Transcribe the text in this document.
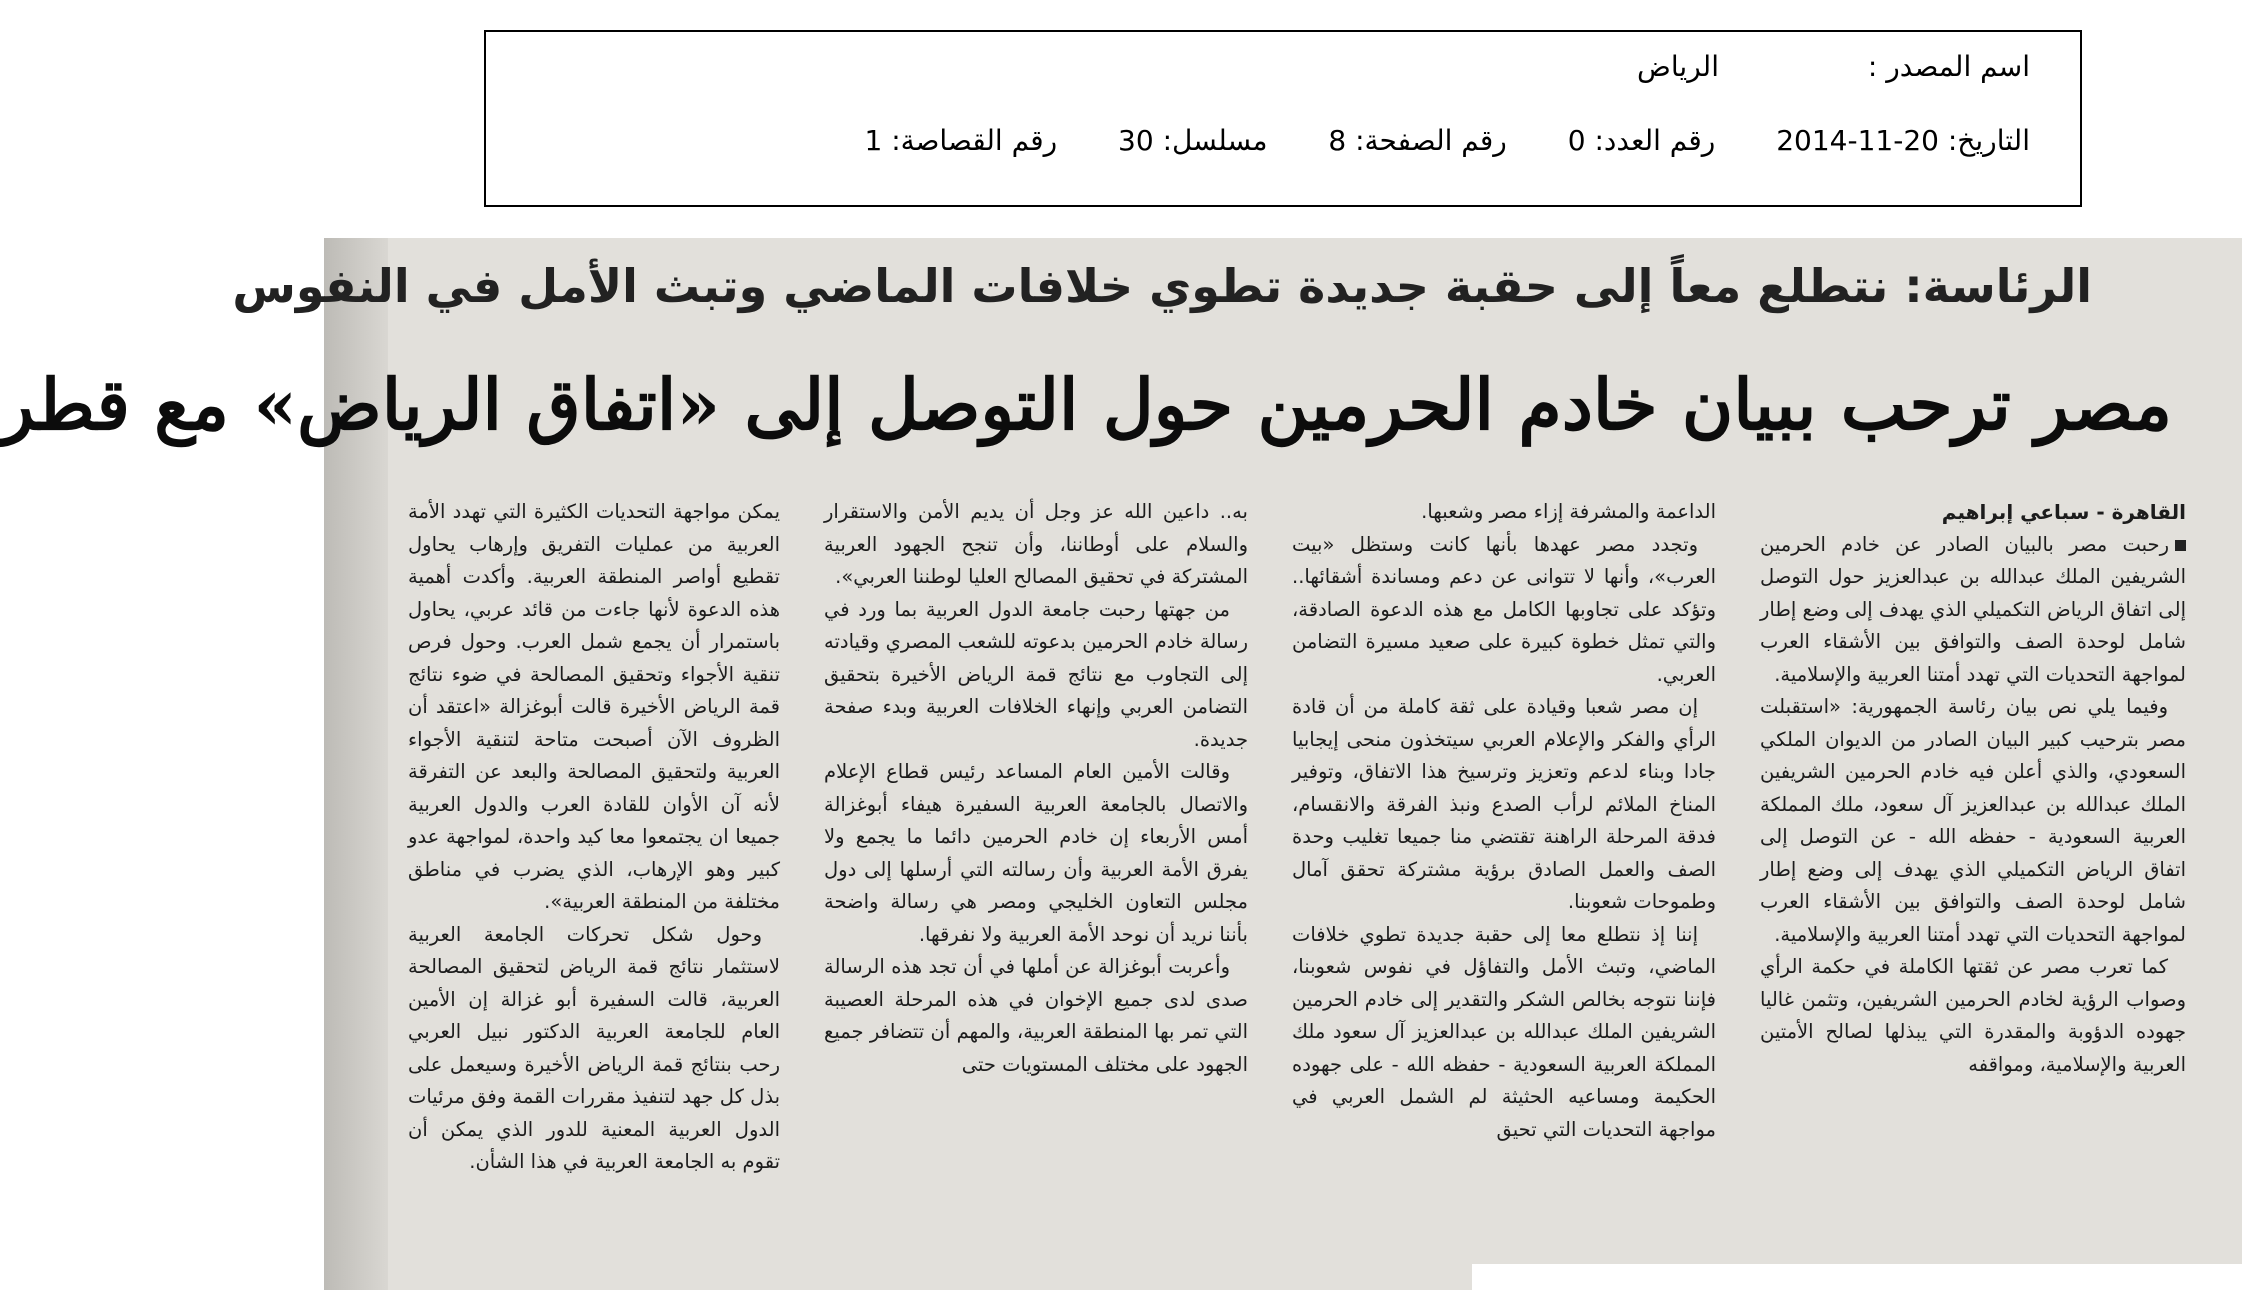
اسم المصدر : الرياض
التاريخ: 2014-11-20 رقم العدد: 0 رقم الصفحة: 8 مسلسل: 30 رقم القصاصة: 1
الرئاسة: نتطلع معاً إلى حقبة جديدة تطوي خلافات الماضي وتبث الأمل في النفوس
مصر ترحب ببيان خادم الحرمين حول التوصل إلى «اتفاق الرياض» مع قطر
القاهرة - سباعي إبراهيم

رحبت مصر بالبيان الصادر عن خادم الحرمين الشريفين الملك عبدالله بن عبدالعزيز حول التوصل إلى اتفاق الرياض التكميلي الذي يهدف إلى وضع إطار شامل لوحدة الصف والتوافق بين الأشقاء العرب لمواجهة التحديات التي تهدد أمتنا العربية والإسلامية.

وفيما يلي نص بيان رئاسة الجمهورية: «استقبلت مصر بترحيب كبير البيان الصادر من الديوان الملكي السعودي، والذي أعلن فيه خادم الحرمين الشريفين الملك عبدالله بن عبدالعزيز آل سعود، ملك المملكة العربية السعودية - حفظه الله - عن التوصل إلى اتفاق الرياض التكميلي الذي يهدف إلى وضع إطار شامل لوحدة الصف والتوافق بين الأشقاء العرب لمواجهة التحديات التي تهدد أمتنا العربية والإسلامية.

كما تعرب مصر عن ثقتها الكاملة في حكمة الرأي وصواب الرؤية لخادم الحرمين الشريفين، وتثمن غاليا جهوده الدؤوبة والمقدرة التي يبذلها لصالح الأمتين العربية والإسلامية، ومواقفه

الداعمة والمشرفة إزاء مصر وشعبها.

وتجدد مصر عهدها بأنها كانت وستظل «بيت العرب»، وأنها لا تتوانى عن دعم ومساندة أشقائها.. وتؤكد على تجاوبها الكامل مع هذه الدعوة الصادقة، والتي تمثل خطوة كبيرة على صعيد مسيرة التضامن العربي.

إن مصر شعبا وقيادة على ثقة كاملة من أن قادة الرأي والفكر والإعلام العربي سيتخذون منحى إيجابيا جادا وبناء لدعم وتعزيز وترسيخ هذا الاتفاق، وتوفير المناخ الملائم لرأب الصدع ونبذ الفرقة والانقسام، فدقة المرحلة الراهنة تقتضي منا جميعا تغليب وحدة الصف والعمل الصادق برؤية مشتركة تحقق آمال وطموحات شعوبنا.

إننا إذ نتطلع معا إلى حقبة جديدة تطوي خلافات الماضي، وتبث الأمل والتفاؤل في نفوس شعوبنا، فإننا نتوجه بخالص الشكر والتقدير إلى خادم الحرمين الشريفين الملك عبدالله بن عبدالعزيز آل سعود ملك المملكة العربية السعودية - حفظه الله - على جهوده الحكيمة ومساعيه الحثيثة لم الشمل العربي في مواجهة التحديات التي تحيق

به.. داعين الله عز وجل أن يديم الأمن والاستقرار والسلام على أوطاننا، وأن تنجح الجهود العربية المشتركة في تحقيق المصالح العليا لوطننا العربي».

من جهتها رحبت جامعة الدول العربية بما ورد في رسالة خادم الحرمين بدعوته للشعب المصري وقيادته إلى التجاوب مع نتائج قمة الرياض الأخيرة بتحقيق التضامن العربي وإنهاء الخلافات العربية وبدء صفحة جديدة.

وقالت الأمين العام المساعد رئيس قطاع الإعلام والاتصال بالجامعة العربية السفيرة هيفاء أبوغزالة أمس الأربعاء إن خادم الحرمين دائما ما يجمع ولا يفرق الأمة العربية وأن رسالته التي أرسلها إلى دول مجلس التعاون الخليجي ومصر هي رسالة واضحة بأننا نريد أن نوحد الأمة العربية ولا نفرقها.

وأعربت أبوغزالة عن أملها في أن تجد هذه الرسالة صدى لدى جميع الإخوان في هذه المرحلة العصيبة التي تمر بها المنطقة العربية، والمهم أن تتضافر جميع الجهود على مختلف المستويات حتى

يمكن مواجهة التحديات الكثيرة التي تهدد الأمة العربية من عمليات التفريق وإرهاب يحاول تقطيع أواصر المنطقة العربية. وأكدت أهمية هذه الدعوة لأنها جاءت من قائد عربي، يحاول باستمرار أن يجمع شمل العرب. وحول فرص تنقية الأجواء وتحقيق المصالحة في ضوء نتائج قمة الرياض الأخيرة قالت أبوغزالة «اعتقد أن الظروف الآن أصبحت متاحة لتنقية الأجواء العربية ولتحقيق المصالحة والبعد عن التفرقة لأنه آن الأوان للقادة العرب والدول العربية جميعا ان يجتمعوا معا كيد واحدة، لمواجهة عدو كبير وهو الإرهاب، الذي يضرب في مناطق مختلفة من المنطقة العربية».

وحول شكل تحركات الجامعة العربية لاستثمار نتائج قمة الرياض لتحقيق المصالحة العربية، قالت السفيرة أبو غزالة إن الأمين العام للجامعة العربية الدكتور نبيل العربي رحب بنتائج قمة الرياض الأخيرة وسيعمل على بذل كل جهد لتنفيذ مقررات القمة وفق مرئيات الدول العربية المعنية للدور الذي يمكن أن تقوم به الجامعة العربية في هذا الشأن.
